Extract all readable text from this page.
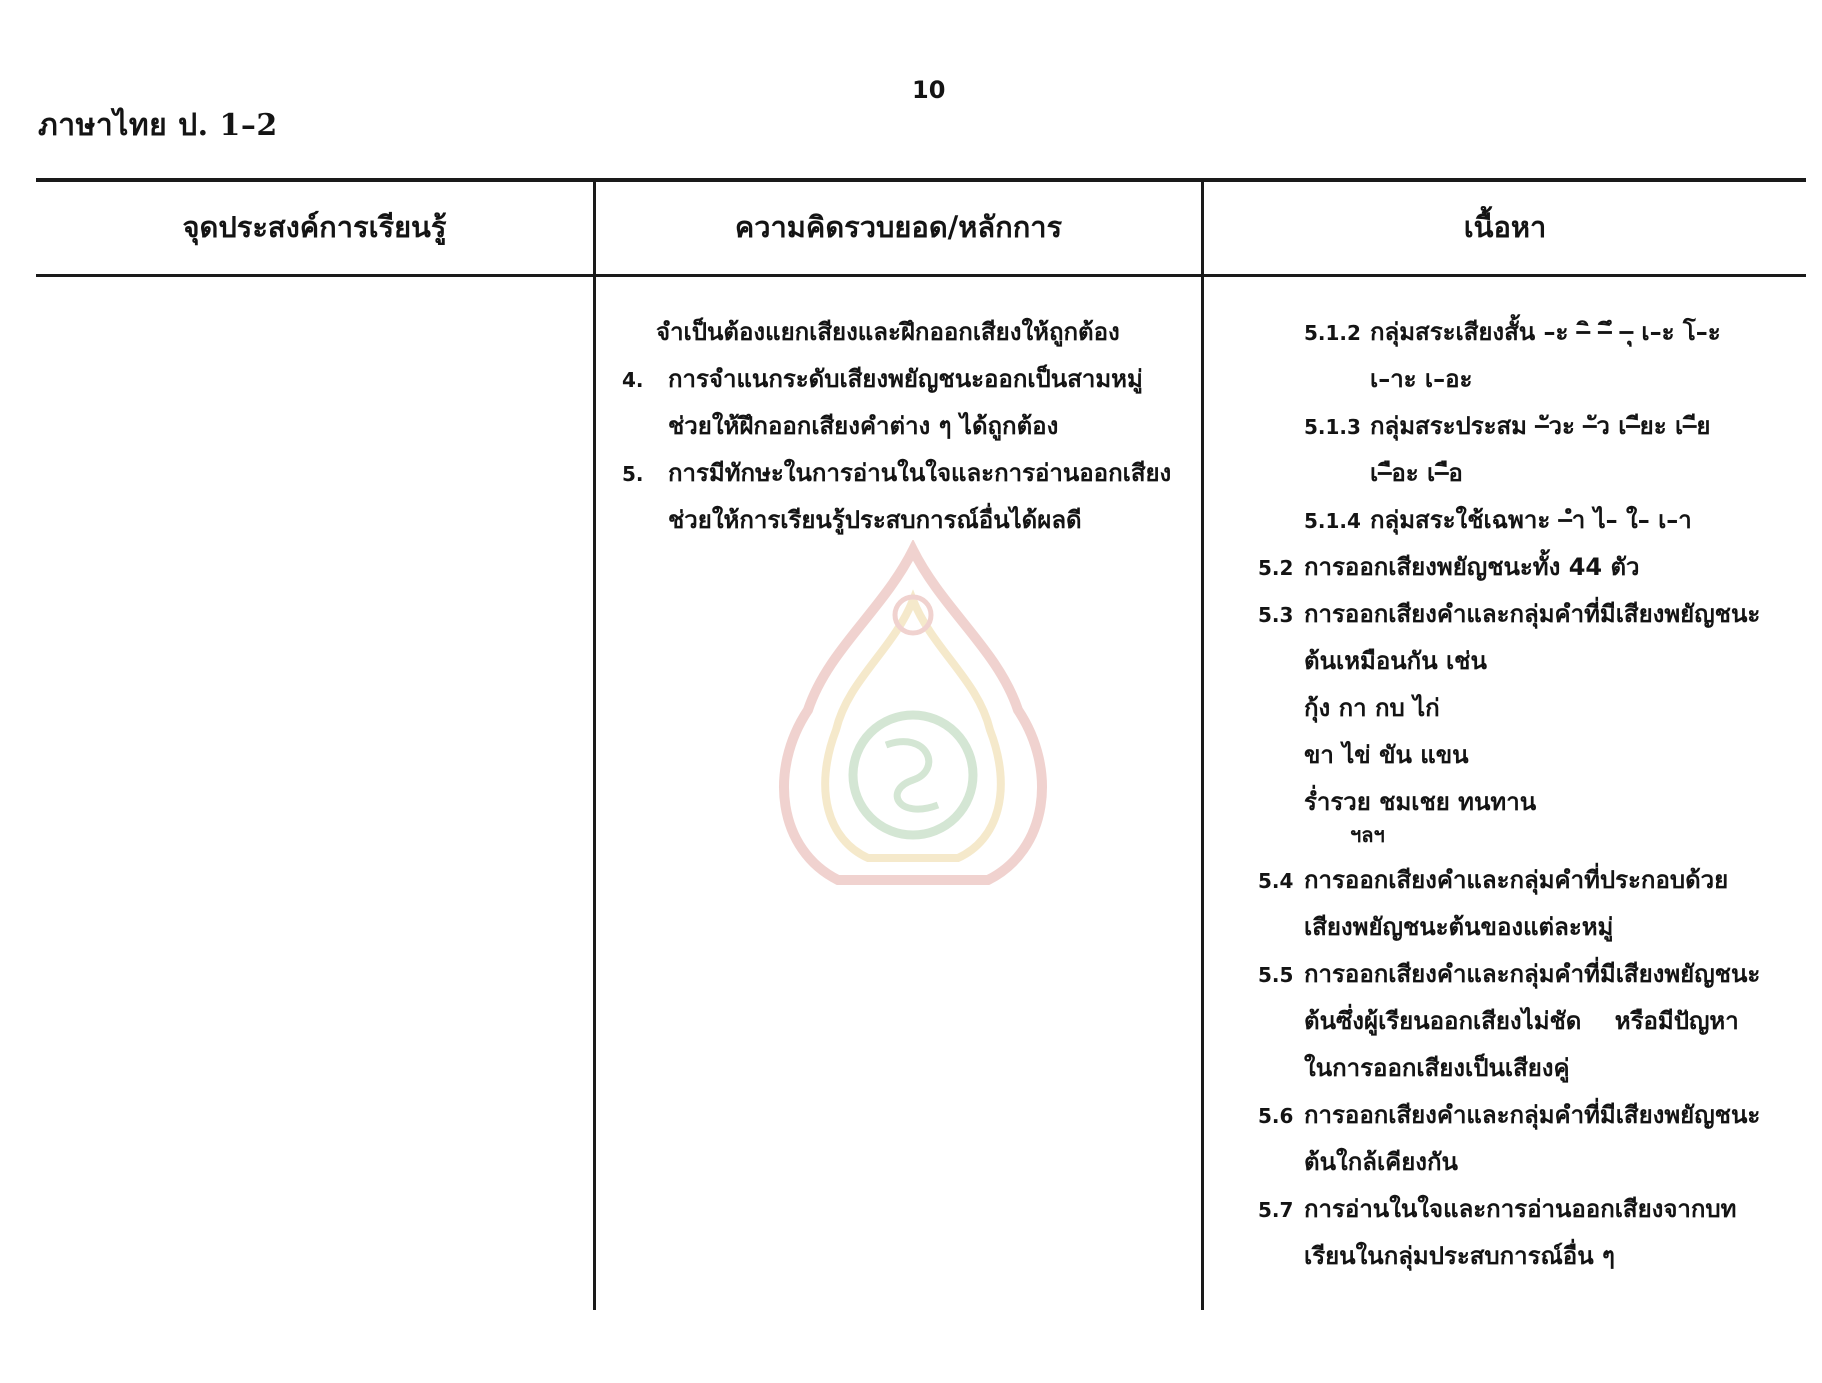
ภาษาไทย ป. 1–2
10
จุดประสงค์การเรียนรู้	ความคิดรวบยอด/หลักการ	เนื้อหา
จำเป็นต้องแยกเสียงและฝึกออกเสียงให้ถูกต้อง
4. การจำแนกระดับเสียงพยัญชนะออกเป็นสามหมู่
ช่วยให้ฝึกออกเสียงคำต่าง ๆ ได้ถูกต้อง
5. การมีทักษะในการอ่านในใจและการอ่านออกเสียง
ช่วยให้การเรียนรู้ประสบการณ์อื่นได้ผลดี
5.1.2 กลุ่มสระเสียงสั้น –ะ –ิ –ึ –ุ เ–ะ โ–ะ
เ–าะ เ–อะ
5.1.3 กลุ่มสระประสม –ัวะ –ัว เ–ียะ เ–ีย
เ–ือะ เ–ือ
5.1.4 กลุ่มสระใช้เฉพาะ –ำ ไ– ใ– เ–า
5.2 การออกเสียงพยัญชนะทั้ง 44 ตัว
5.3 การออกเสียงคำและกลุ่มคำที่มีเสียงพยัญชนะ
ต้นเหมือนกัน เช่น
กุ้ง กา กบ ไก่
ขา ไข่ ขัน แขน
ร่ำรวย ชมเชย ทนทาน
ฯลฯ
5.4 การออกเสียงคำและกลุ่มคำที่ประกอบด้วย
เสียงพยัญชนะต้นของแต่ละหมู่
5.5 การออกเสียงคำและกลุ่มคำที่มีเสียงพยัญชนะ
ต้นซึ่งผู้เรียนออกเสียงไม่ชัด    หรือมีปัญหา
ในการออกเสียงเป็นเสียงคู่
5.6 การออกเสียงคำและกลุ่มคำที่มีเสียงพยัญชนะ
ต้นใกล้เคียงกัน
5.7 การอ่านในใจและการอ่านออกเสียงจากบท
เรียนในกลุ่มประสบการณ์อื่น ๆ
